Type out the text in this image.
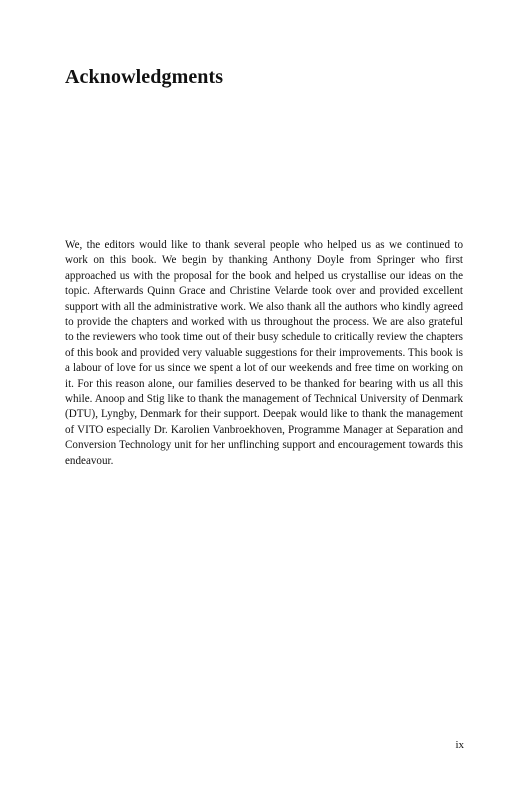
Acknowledgments

We, the editors would like to thank several people who helped us as we continued to work on this book. We begin by thanking Anthony Doyle from Springer who first approached us with the proposal for the book and helped us crystallise our ideas on the topic. Afterwards Quinn Grace and Christine Velarde took over and provided excellent support with all the administrative work. We also thank all the authors who kindly agreed to provide the chapters and worked with us throughout the process. We are also grateful to the reviewers who took time out of their busy schedule to critically review the chapters of this book and provided very valuable suggestions for their improvements. This book is a labour of love for us since we spent a lot of our weekends and free time on working on it. For this reason alone, our families deserved to be thanked for bearing with us all this while. Anoop and Stig like to thank the management of Technical University of Denmark (DTU), Lyngby, Denmark for their support. Deepak would like to thank the management of VITO especially Dr. Karolien Vanbroekhoven, Programme Manager at Separation and Conversion Technology unit for her unflinching support and encouragement towards this endeavour.

ix
